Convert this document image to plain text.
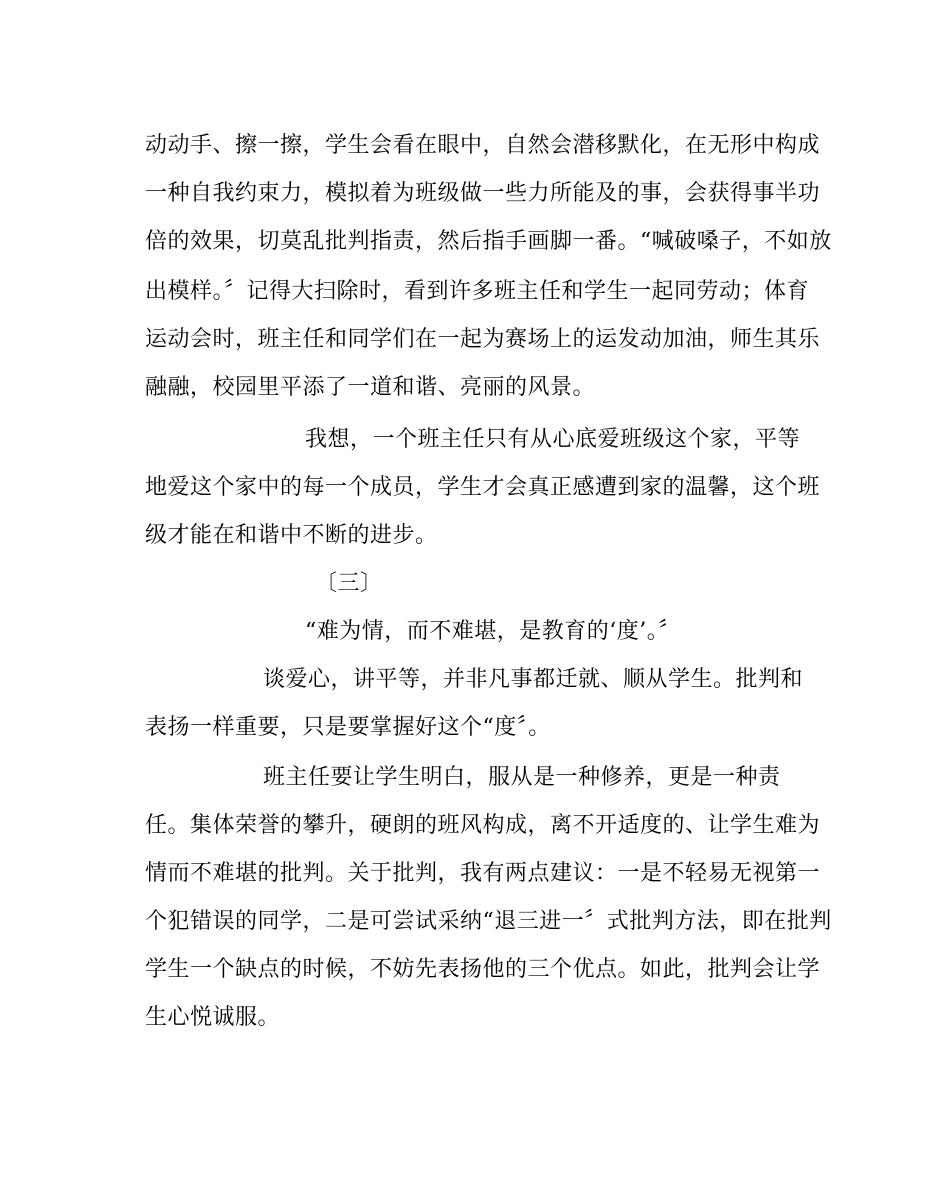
动动手、擦一擦，学生会看在眼中，自然会潜移默化，在无形中构成
一种自我约束力，模拟着为班级做一些力所能及的事，会获得事半功
倍的效果，切莫乱批判指责，然后指手画脚一番。“喊破嗓子，不如放
出模样。〞记得大扫除时，看到许多班主任和学生一起同劳动；体育
运动会时，班主任和同学们在一起为赛场上的运发动加油，师生其乐
融融，校园里平添了一道和谐、亮丽的风景。
我想，一个班主任只有从心底爱班级这个家，平等
地爱这个家中的每一个成员，学生才会真正感遭到家的温馨，这个班
级才能在和谐中不断的进步。
〔三〕
“难为情，而不难堪，是教育的‘度’。〞
谈爱心，讲平等，并非凡事都迁就、顺从学生。批判和
表扬一样重要，只是要掌握好这个“度〞。
班主任要让学生明白，服从是一种修养，更是一种责
任。集体荣誉的攀升，硬朗的班风构成，离不开适度的、让学生难为
情而不难堪的批判。关于批判，我有两点建议：一是不轻易无视第一
个犯错误的同学，二是可尝试采纳“退三进一〞式批判方法，即在批判
学生一个缺点的时候，不妨先表扬他的三个优点。如此，批判会让学
生心悦诚服。
